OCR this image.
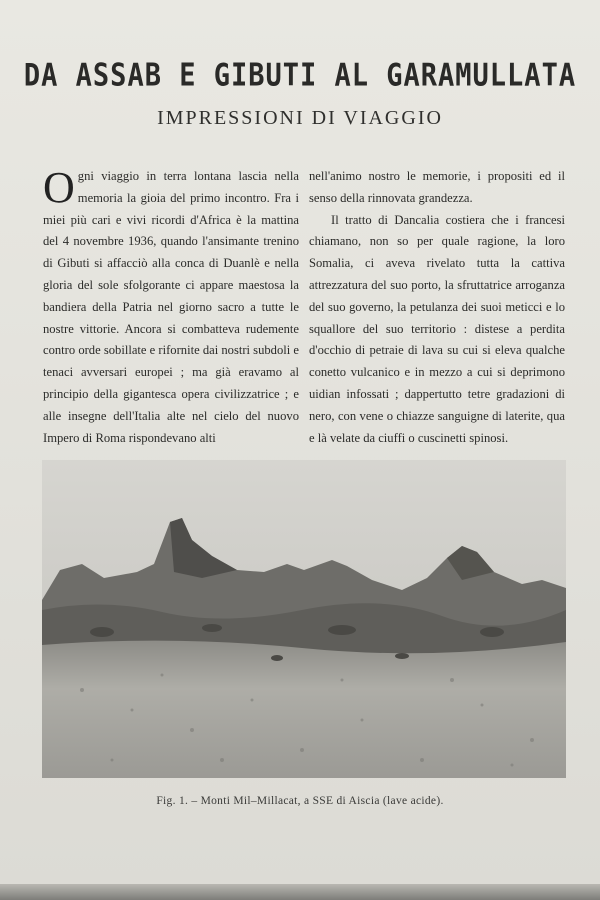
DA ASSAB E GIBUTI AL GARAMULLATA
IMPRESSIONI DI VIAGGIO

Ogni viaggio in terra lontana lascia nella memoria la gioia del primo incontro. Fra i miei più cari e vivi ricordi d'Africa è la mattina del 4 novembre 1936, quando l'ansimante trenino di Gibuti si affacciò alla conca di Duanlè e nella gloria del sole sfolgorante ci appare maestosa la bandiera della Patria nel giorno sacro a tutte le nostre vittorie. Ancora si combatteva rudemente contro orde sobillate e rifornite dai nostri subdoli e tenaci avversari europei ; ma già eravamo al principio della gigantesca opera civilizzatrice ; e alle insegne dell'Italia alte nel cielo del nuovo Impero di Roma rispondevano alti

nell'animo nostro le memorie, i propositi ed il senso della rinnovata grandezza.

Il tratto di Dancalia costiera che i francesi chiamano, non so per quale ragione, la loro Somalia, ci aveva rivelato tutta la cattiva attrezzatura del suo porto, la sfruttatrice arroganza del suo governo, la petulanza dei suoi meticci e lo squallore del suo territorio : distese a perdita d'occhio di petraie di lava su cui si eleva qualche conetto vulcanico e in mezzo a cui si deprimono uidian infossati ; dappertutto tetre gradazioni di nero, con vene o chiazze sanguigne di laterite, qua e là velate da ciuffi o cuscinetti spinosi.

Fig. 1. – Monti Mil–Millacat, a SSE di Aiscia (lave acide).
